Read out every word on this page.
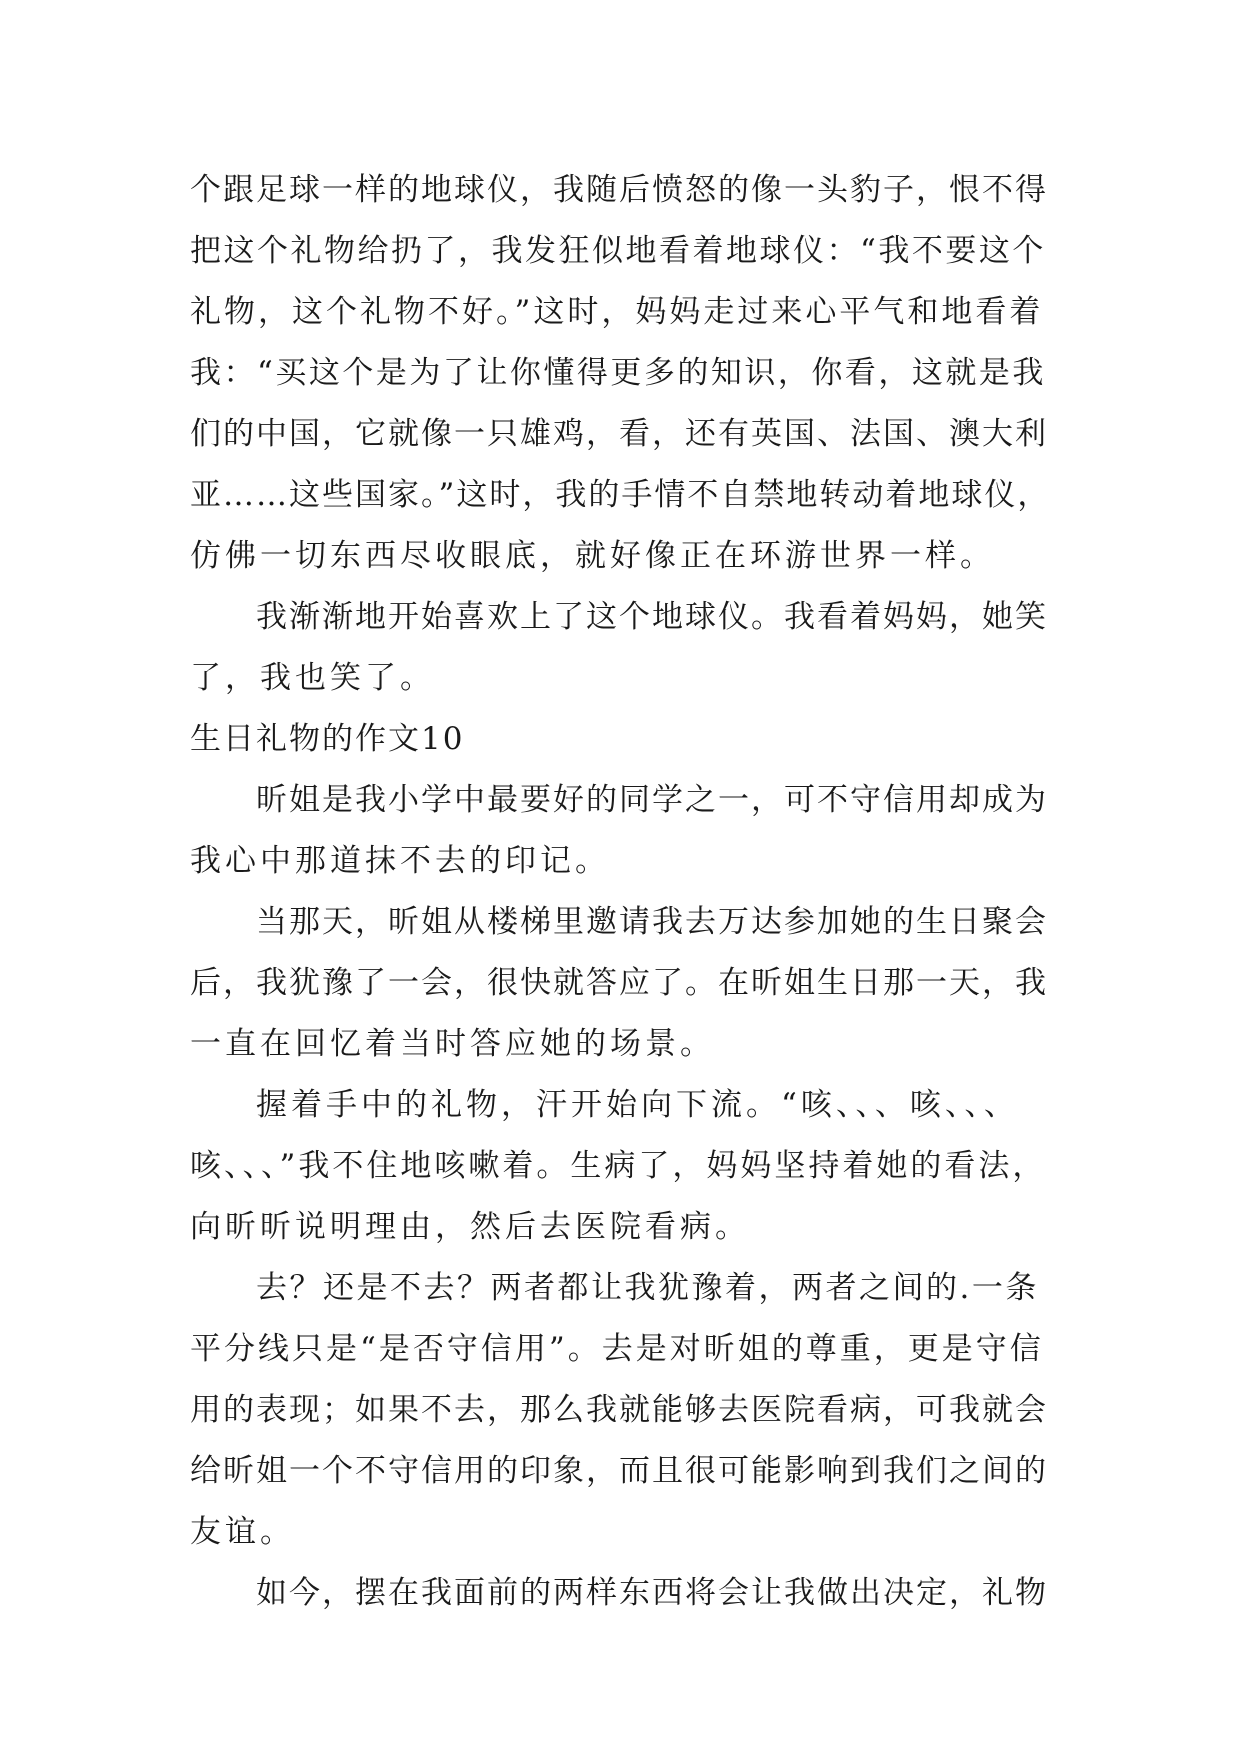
个跟足球一样的地球仪，我随后愤怒的像一头豹子，恨不得
把这个礼物给扔了，我发狂似地看着地球仪：“我不要这个
礼物，这个礼物不好。”这时，妈妈走过来心平气和地看着
我：“买这个是为了让你懂得更多的知识，你看，这就是我
们的中国，它就像一只雄鸡，看，还有英国、法国、澳大利
亚……这些国家。”这时，我的手情不自禁地转动着地球仪，
仿佛一切东西尽收眼底，就好像正在环游世界一样。
我渐渐地开始喜欢上了这个地球仪。我看着妈妈，她笑
了，我也笑了。
生日礼物的作文10
昕姐是我小学中最要好的同学之一，可不守信用却成为
我心中那道抹不去的印记。
当那天，昕姐从楼梯里邀请我去万达参加她的生日聚会
后，我犹豫了一会，很快就答应了。在昕姐生日那一天，我
一直在回忆着当时答应她的场景。
握着手中的礼物，汗开始向下流。“咳、、、咳、、、
咳、、、”我不住地咳嗽着。生病了，妈妈坚持着她的看法，
向昕昕说明理由，然后去医院看病。
去？还是不去？两者都让我犹豫着，两者之间的.一条
平分线只是“是否守信用”。去是对昕姐的尊重，更是守信
用的表现；如果不去，那么我就能够去医院看病，可我就会
给昕姐一个不守信用的印象，而且很可能影响到我们之间的
友谊。
如今，摆在我面前的两样东西将会让我做出决定，礼物
